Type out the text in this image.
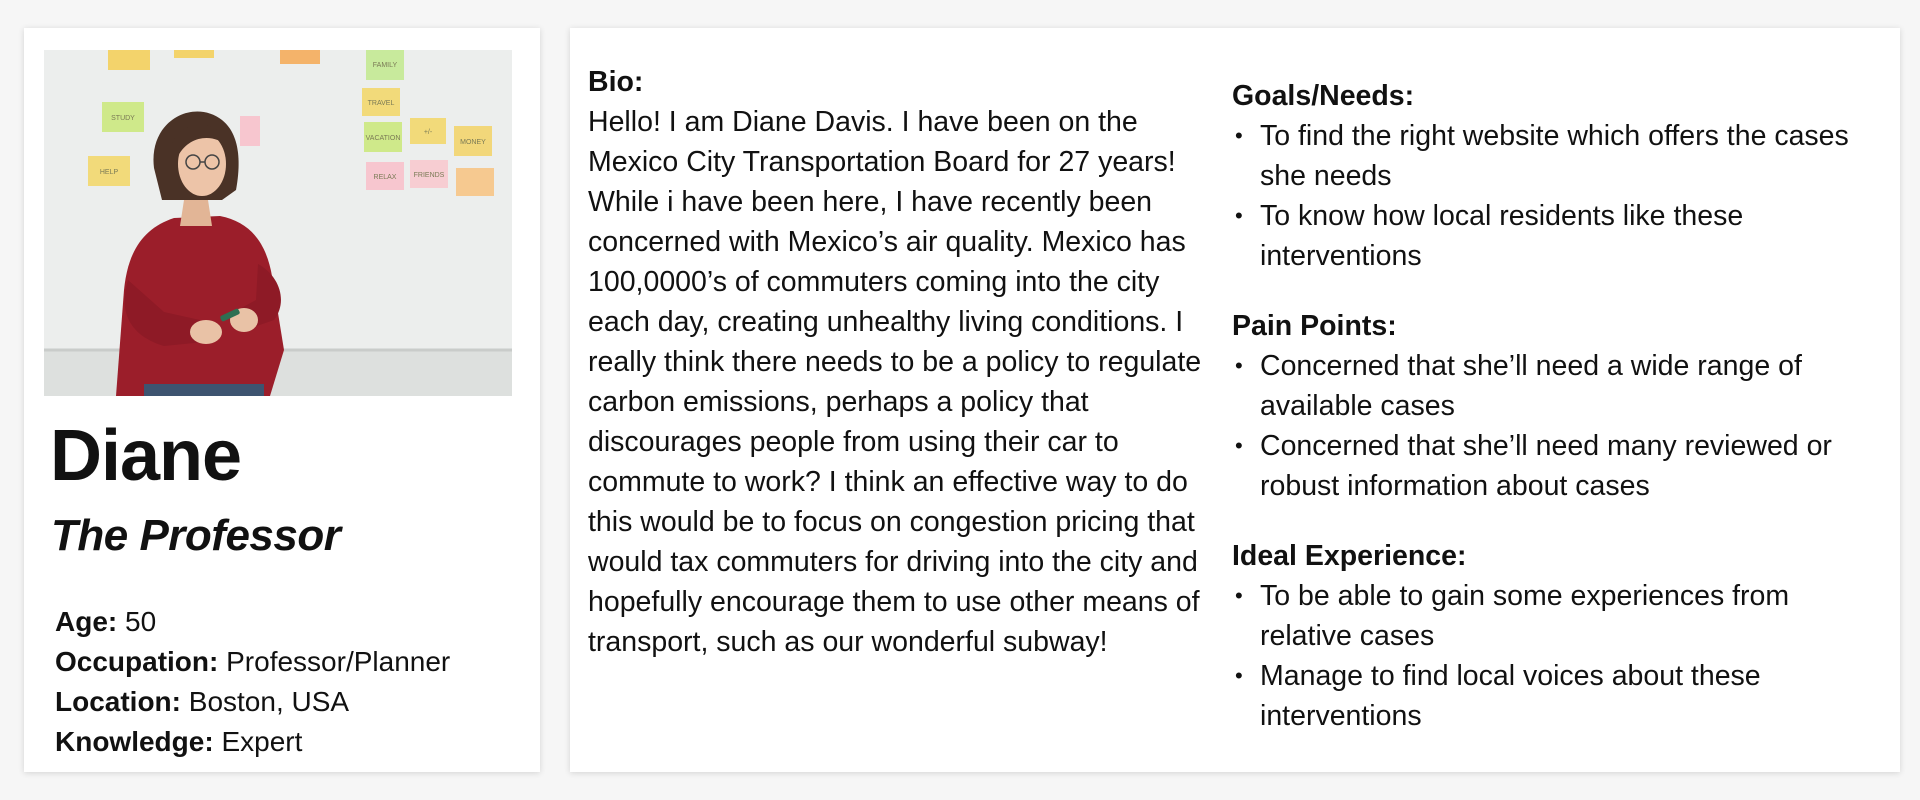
STUDY
HELP
FAMILY
TRAVEL
VACATION
+/-
MONEY
RELAX FRIENDS
Diane
The Professor
Age: 50
Occupation: Professor/Planner
Location: Boston, USA
Knowledge: Expert
Bio:
Hello! I am Diane Davis. I have been on the Mexico City Transportation Board for 27 years! While i have been here, I have recently been concerned with Mexico’s air quality. Mexico has 100,0000’s of commuters coming into the city each day, creating unhealthy living conditions. I really think there needs to be a policy to regulate carbon emissions, perhaps a policy that discourages people from using their car to commute to work? I think an effective way to do this would be to focus on congestion pricing that would tax commuters for driving into the city and hopefully encourage them to use other means of transport, such as our wonderful subway!
Goals/Needs:
• To find the right website which offers the cases she needs
• To know how local residents like these interventions
Pain Points:
• Concerned that she’ll need a wide range of available cases
• Concerned that she’ll need many reviewed or robust information about cases
Ideal Experience:
• To be able to gain some experiences from relative cases
• Manage to find local voices about these interventions
